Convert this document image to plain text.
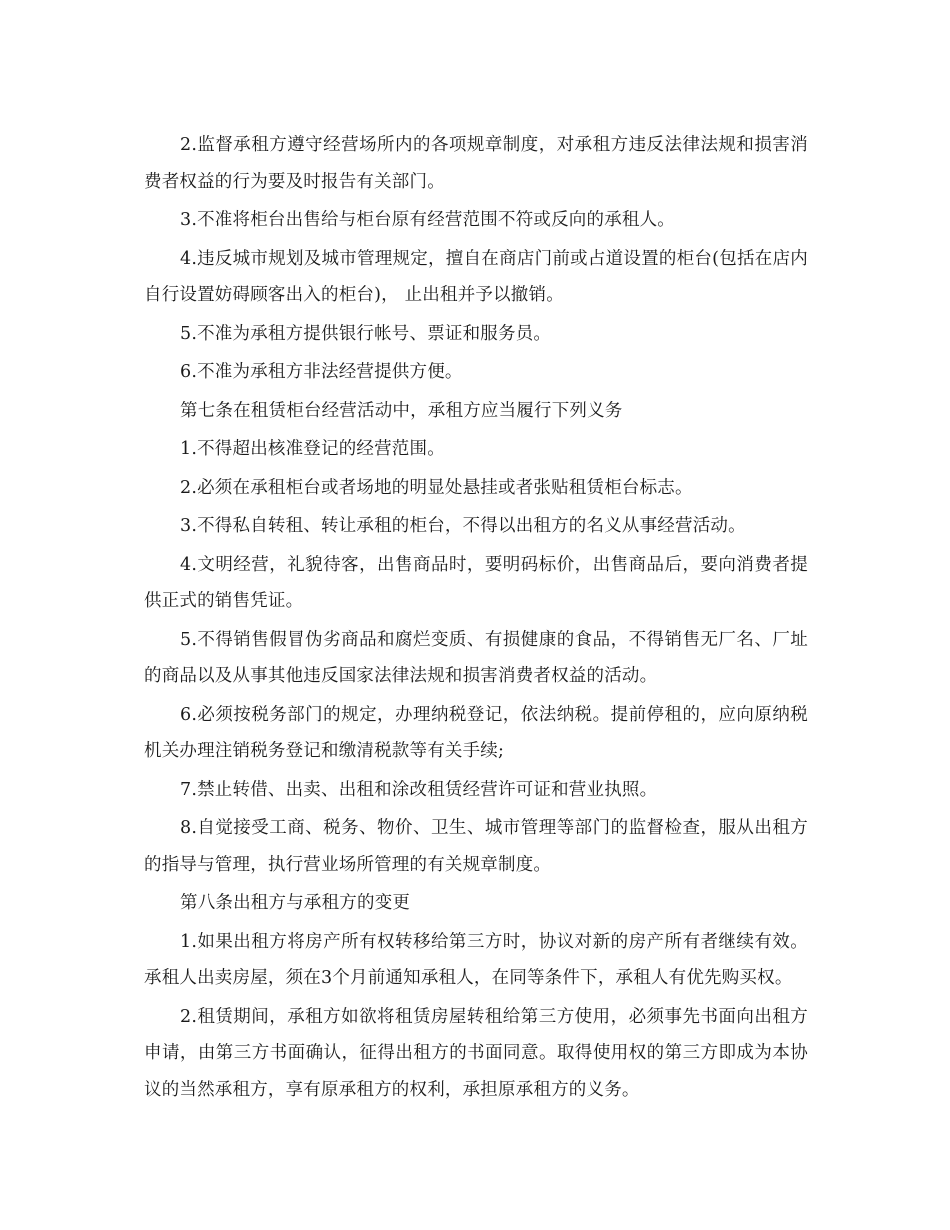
2.监督承租方遵守经营场所内的各项规章制度，对承租方违反法律法规和损害消费者权益的行为要及时报告有关部门。

3.不准将柜台出售给与柜台原有经营范围不符或反向的承租人。

4.违反城市规划及城市管理规定，擅自在商店门前或占道设置的柜台(包括在店内自行设置妨碍顾客出入的柜台)， 止出租并予以撤销。

5.不准为承租方提供银行帐号、票证和服务员。

6.不准为承租方非法经营提供方便。

第七条在租赁柜台经营活动中，承租方应当履行下列义务

1.不得超出核准登记的经营范围。

2.必须在承租柜台或者场地的明显处悬挂或者张贴租赁柜台标志。

3.不得私自转租、转让承租的柜台，不得以出租方的名义从事经营活动。

4.文明经营，礼貌待客，出售商品时，要明码标价，出售商品后，要向消费者提供正式的销售凭证。

5.不得销售假冒伪劣商品和腐烂变质、有损健康的食品，不得销售无厂名、厂址的商品以及从事其他违反国家法律法规和损害消费者权益的活动。

6.必须按税务部门的规定，办理纳税登记，依法纳税。提前停租的，应向原纳税机关办理注销税务登记和缴清税款等有关手续;

7.禁止转借、出卖、出租和涂改租赁经营许可证和营业执照。

8.自觉接受工商、税务、物价、卫生、城市管理等部门的监督检查，服从出租方的指导与管理，执行营业场所管理的有关规章制度。

第八条出租方与承租方的变更

1.如果出租方将房产所有权转移给第三方时，协议对新的房产所有者继续有效。承租人出卖房屋，须在3个月前通知承租人，在同等条件下，承租人有优先购买权。

2.租赁期间，承租方如欲将租赁房屋转租给第三方使用，必须事先书面向出租方申请，由第三方书面确认，征得出租方的书面同意。取得使用权的第三方即成为本协议的当然承租方，享有原承租方的权利，承担原承租方的义务。
